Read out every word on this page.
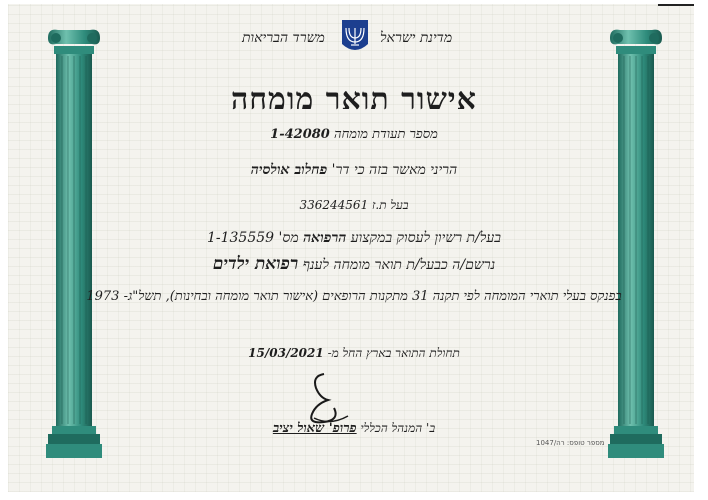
מדינת ישראל
משרד הבריאות
אישור תואר מומחה
מספר תעודת מומחה 1-42080
הריני מאשר בזה כי דר' פחלוב אולסיה
בעל ת.ז 336244561
בעל/ת רשיון לעסוק במקצוע הרפואה מס' 1-135559
נרשם/ה כבעל/ת תואר מומחה לענף רפואת ילדים
בפנקס בעלי תוארי המומחה לפי תקנה 31 מתקנות הרופאים (אישור תואר מומחה ובחינות), תשל"ג- 1973
תחולת התואר בארץ החל מ- 15/03/2021
ב' המנהל הכללי פרופ' שאול יציב
מספר טופס: רה/1047
